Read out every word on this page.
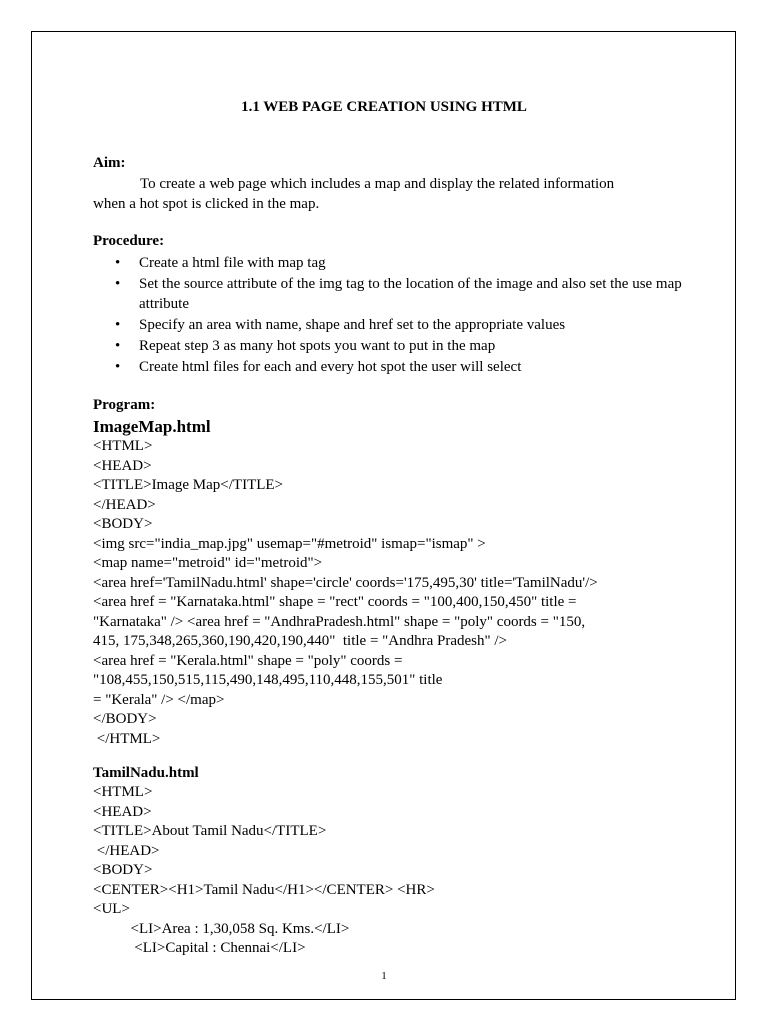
1.1 WEB PAGE CREATION USING HTML
Aim:
To create a web page which includes a map and display the related information
when a hot spot is clicked in the map.
Procedure:
• Create a html file with map tag
• Set the source attribute of the img tag to the location of the image and also set the use map attribute
• Specify an area with name, shape and href set to the appropriate values
• Repeat step 3 as many hot spots you want to put in the map
• Create html files for each and every hot spot the user will select
Program:
ImageMap.html
<HTML>
<HEAD>
<TITLE>Image Map</TITLE>
</HEAD>
<BODY>
<img src="india_map.jpg" usemap="#metroid" ismap="ismap" >
<map name="metroid" id="metroid">
<area href='TamilNadu.html' shape='circle' coords='175,495,30' title='TamilNadu'/>
<area href = "Karnataka.html" shape = "rect" coords = "100,400,150,450" title =
"Karnataka" /> <area href = "AndhraPradesh.html" shape = "poly" coords = "150,
415, 175,348,265,360,190,420,190,440"  title = "Andhra Pradesh" />
<area href = "Kerala.html" shape = "poly" coords =
"108,455,150,515,115,490,148,495,110,448,155,501" title
= "Kerala" /> </map>
</BODY>
</HTML>
TamilNadu.html
<HTML>
<HEAD>
<TITLE>About Tamil Nadu</TITLE>
</HEAD>
<BODY>
<CENTER><H1>Tamil Nadu</H1></CENTER> <HR>
<UL>
<LI>Area : 1,30,058 Sq. Kms.</LI>
<LI>Capital : Chennai</LI>
1
